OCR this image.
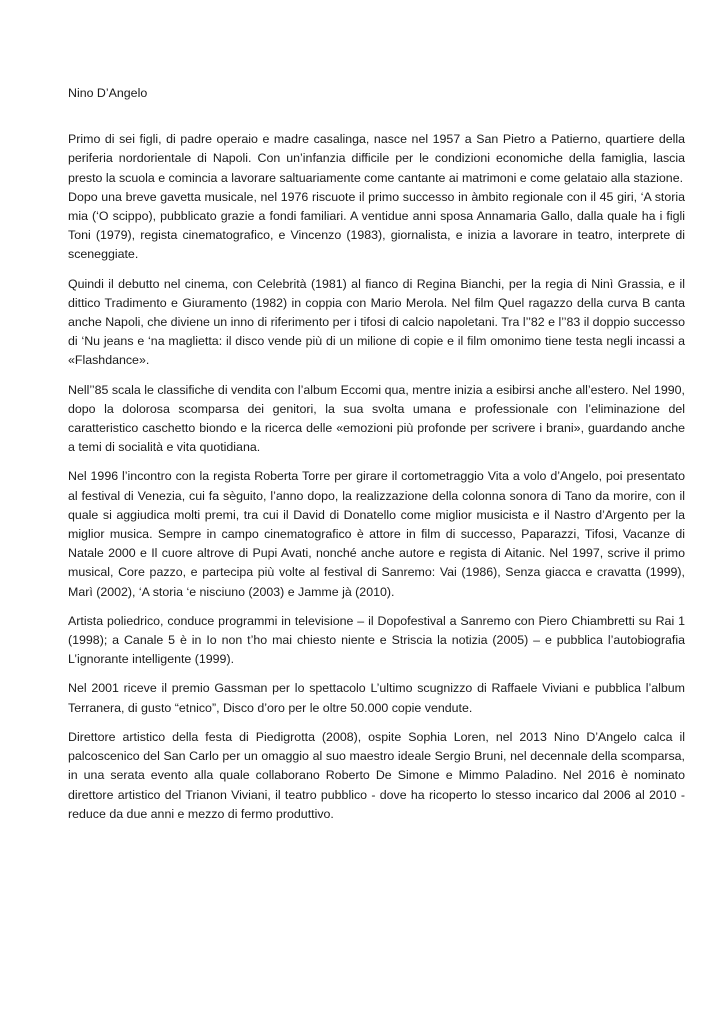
Nino D’Angelo

Primo di sei figli, di padre operaio e madre casalinga, nasce nel 1957 a San Pietro a Patierno, quartiere della periferia nordorientale di Napoli. Con un’infanzia difficile per le condizioni economiche della famiglia, lascia presto la scuola e comincia a lavorare saltuariamente come cantante ai matrimoni e come gelataio alla stazione.

Dopo una breve gavetta musicale, nel 1976 riscuote il primo successo in àmbito regionale con il 45 giri, ‘A storia mia (‘O scippo), pubblicato grazie a fondi familiari. A ventidue anni sposa Annamaria Gallo, dalla quale ha i figli Toni (1979), regista cinematografico, e Vincenzo (1983), giornalista, e inizia a lavorare in teatro, interprete di sceneggiate.

Quindi il debutto nel cinema, con Celebrità (1981) al fianco di Regina Bianchi, per la regia di Ninì Grassia, e il dittico Tradimento e Giuramento (1982) in coppia con Mario Merola. Nel film Quel ragazzo della curva B canta anche Napoli, che diviene un inno di riferimento per i tifosi di calcio napoletani. Tra l’’82 e l’’83 il doppio successo di ‘Nu jeans e ‘na maglietta: il disco vende più di un milione di copie e il film omonimo tiene testa negli incassi a «Flashdance».

Nell’’85 scala le classifiche di vendita con l’album Eccomi qua, mentre inizia a esibirsi anche all’estero. Nel 1990, dopo la dolorosa scomparsa dei genitori, la sua svolta umana e professionale con l’eliminazione del caratteristico caschetto biondo e la ricerca delle «emozioni più profonde per scrivere i brani», guardando anche a temi di socialità e vita quotidiana.

Nel 1996 l’incontro con la regista Roberta Torre per girare il cortometraggio Vita a volo d’Angelo, poi presentato al festival di Venezia, cui fa sèguito, l’anno dopo, la realizzazione della colonna sonora di Tano da morire, con il quale si aggiudica molti premi, tra cui il David di Donatello come miglior musicista e il Nastro d’Argento per la miglior musica. Sempre in campo cinematografico è attore in film di successo, Paparazzi, Tifosi, Vacanze di Natale 2000 e Il cuore altrove di Pupi Avati, nonché anche autore e regista di Aitanic. Nel 1997, scrive il primo musical, Core pazzo, e partecipa più volte al festival di Sanremo: Vai (1986), Senza giacca e cravatta (1999), Marì (2002), ‘A storia ‘e nisciuno (2003) e Jamme jà (2010).

Artista poliedrico, conduce programmi in televisione – il Dopofestival a Sanremo con Piero Chiambretti su Rai 1 (1998); a Canale 5 è in Io non t’ho mai chiesto niente e Striscia la notizia (2005) – e pubblica l’autobiografia L’ignorante intelligente (1999).

Nel 2001 riceve il premio Gassman per lo spettacolo L’ultimo scugnizzo di Raffaele Viviani e pubblica l’album Terranera, di gusto “etnico”, Disco d’oro per le oltre 50.000 copie vendute.

Direttore artistico della festa di Piedigrotta (2008), ospite Sophia Loren, nel 2013 Nino D’Angelo calca il palcoscenico del San Carlo per un omaggio al suo maestro ideale Sergio Bruni, nel decennale della scomparsa, in una serata evento alla quale collaborano Roberto De Simone e Mimmo Paladino. Nel 2016 è nominato direttore artistico del Trianon Viviani, il teatro pubblico - dove ha ricoperto lo stesso incarico dal 2006 al 2010 - reduce da due anni e mezzo di fermo produttivo.
